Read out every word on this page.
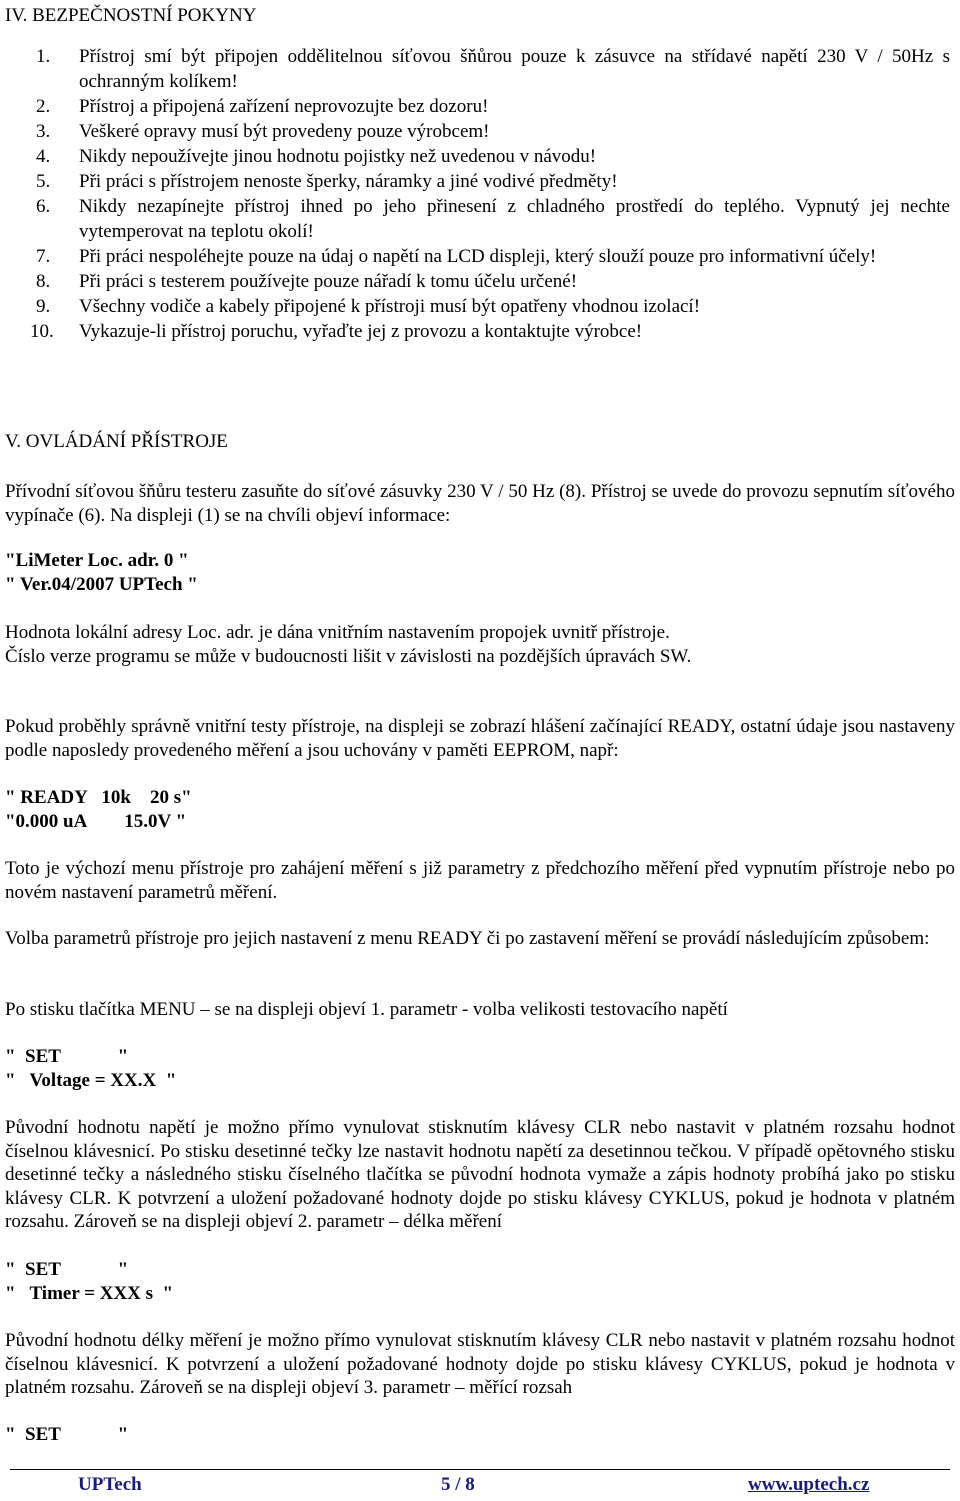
IV. BEZPEČNOSTNÍ POKYNY
1. Přístroj smí být připojen oddělitelnou síťovou šňůrou pouze k zásuvce na střídavé napětí 230 V / 50Hz s ochranným kolíkem!
2. Přístroj a připojená zařízení neprovozujte bez dozoru!
3. Veškeré opravy musí být provedeny pouze výrobcem!
4. Nikdy nepoužívejte jinou hodnotu pojistky než uvedenou v návodu!
5. Při práci s přístrojem nenoste šperky, náramky a jiné vodivé předměty!
6. Nikdy nezapínejte přístroj ihned po jeho přinesení z chladného prostředí do teplého. Vypnutý jej nechte vytemperovat na teplotu okolí!
7. Při práci nespoléhejte pouze na údaj o napětí na LCD displeji, který slouží pouze pro informativní účely!
8. Při práci s testerem používejte pouze nářadí k tomu účelu určené!
9. Všechny vodiče a kabely připojené k přístroji musí být opatřeny vhodnou izolací!
10. Vykazuje-li přístroj poruchu, vyřaďte jej z provozu a kontaktujte výrobce!
V. OVLÁDÁNÍ PŘÍSTROJE

Přívodní síťovou šňůru testeru zasuňte do síťové zásuvky 230 V / 50 Hz (8). Přístroj se uvede do provozu sepnutím síťového vypínače (6). Na displeji (1) se na chvíli objeví informace:

"LiMeter Loc. adr. 0 "
" Ver.04/2007 UPTech "

Hodnota lokální adresy Loc. adr. je dána vnitřním nastavením propojek uvnitř přístroje.

Číslo verze programu se může v budoucnosti lišit v závislosti na pozdějších úpravách SW.

Pokud proběhly správně vnitřní testy přístroje, na displeji se zobrazí hlášení začínající READY, ostatní údaje jsou nastaveny podle naposledy provedeného měření a jsou uchovány v paměti EEPROM, např:

" READY   10k    20 s"
"0.000 uA        15.0V "

Toto je výchozí menu přístroje pro zahájení měření s již parametry z předchozího měření před vypnutím přístroje nebo po novém nastavení parametrů měření.

Volba parametrů přístroje pro jejich nastavení z menu READY či po zastavení měření se provádí následujícím způsobem:

Po stisku tlačítka MENU – se na displeji objeví 1. parametr - volba velikosti testovacího napětí

"  SET            "
"   Voltage = XX.X  "

Původní hodnotu napětí je možno přímo vynulovat stisknutím klávesy CLR nebo nastavit v platném rozsahu hodnot číselnou klávesnicí. Po stisku desetinné tečky lze nastavit hodnotu napětí za desetinnou tečkou. V případě opětovného stisku desetinné tečky a následného stisku číselného tlačítka se původní hodnota vymaže a zápis hodnoty probíhá jako po stisku klávesy CLR. K potvrzení a uložení požadované hodnoty dojde po stisku klávesy CYKLUS, pokud je hodnota v platném rozsahu. Zároveň se na displeji objeví 2. parametr – délka měření

"  SET            "
"   Timer = XXX s  "

Původní hodnotu délky měření je možno přímo vynulovat stisknutím klávesy CLR nebo nastavit v platném rozsahu hodnot číselnou klávesnicí. K potvrzení a uložení požadované hodnoty dojde po stisku klávesy CYKLUS, pokud je hodnota v platném rozsahu. Zároveň se na displeji objeví 3. parametr – měřící rozsah

"  SET            "
UPTech	5 / 8	www.uptech.cz
